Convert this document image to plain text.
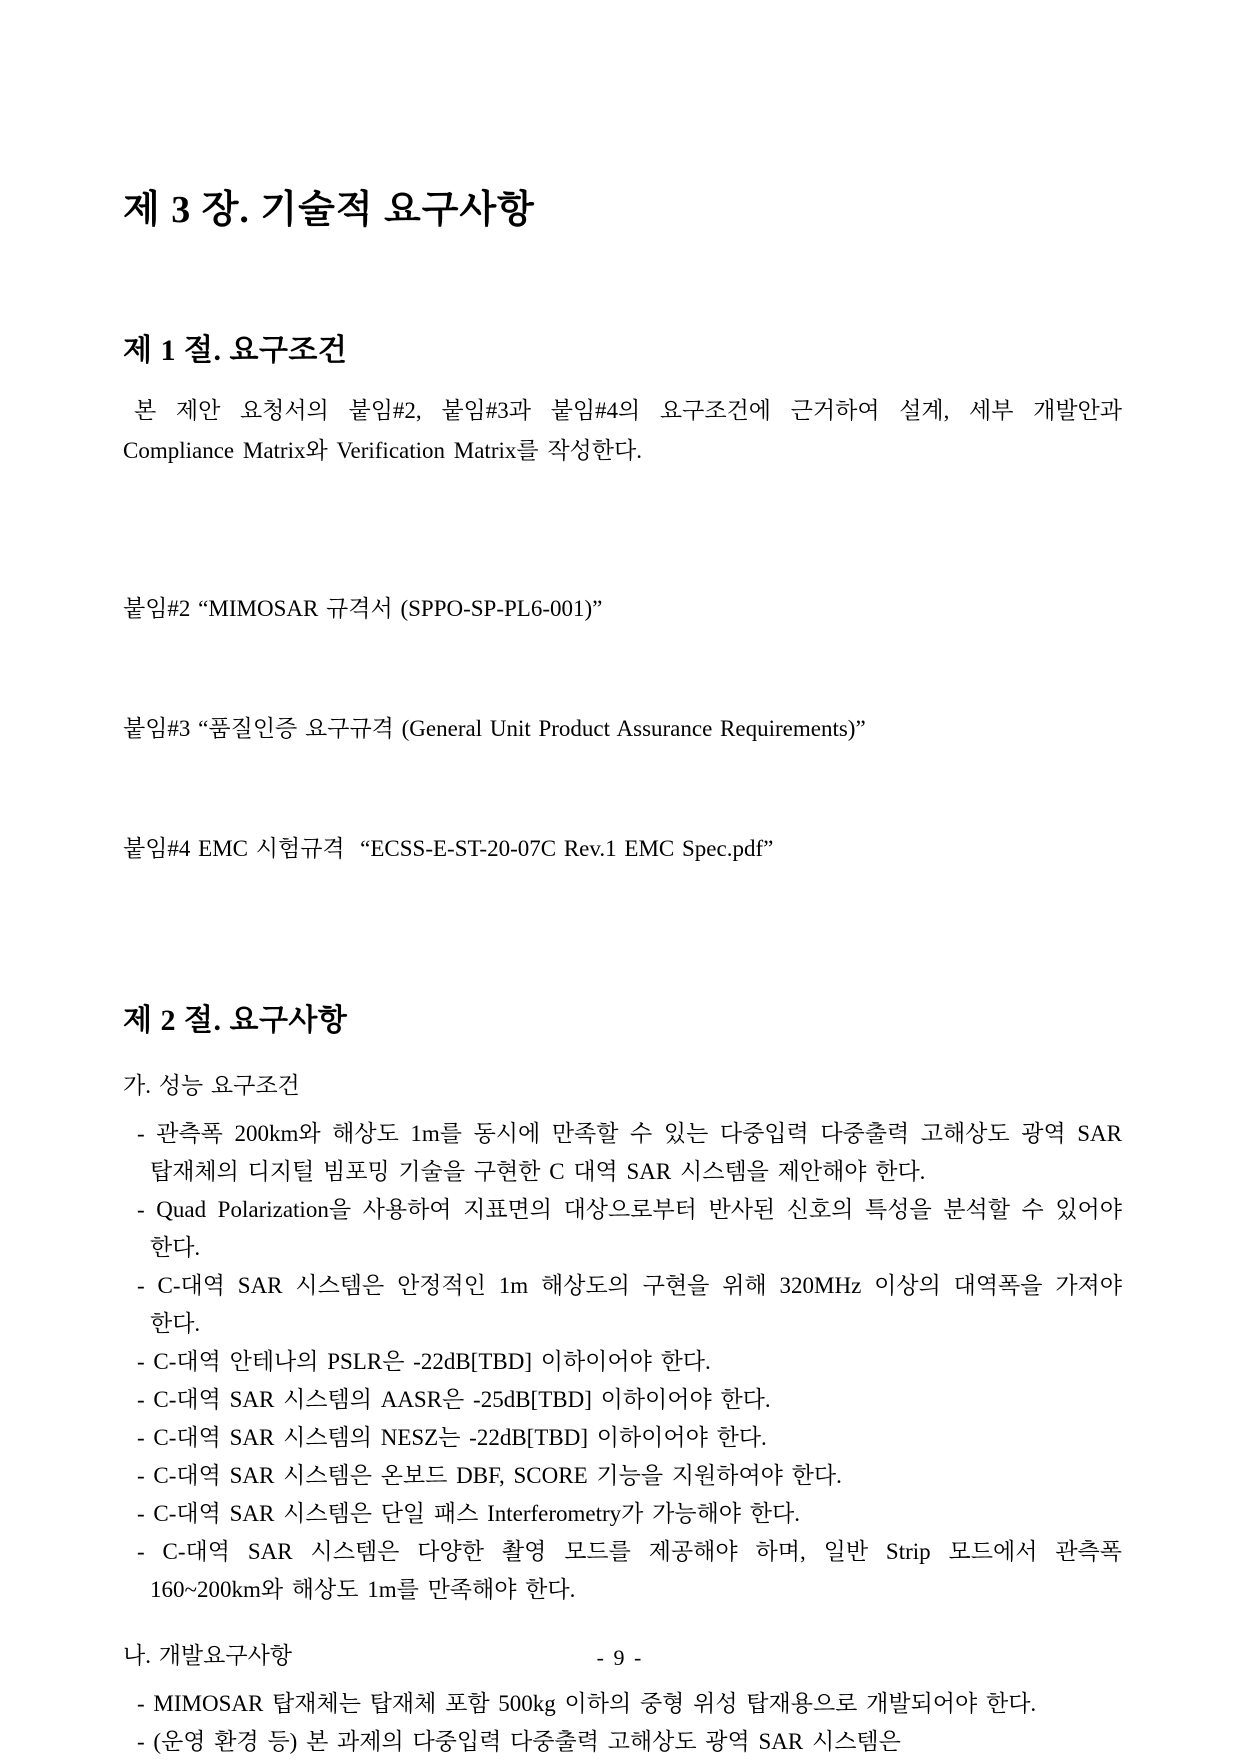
제 3 장. 기술적 요구사항
제 1 절. 요구조건

본 제안 요청서의 붙임#2, 붙임#3과 붙임#4의 요구조건에 근거하여 설계, 세부 개발안과 Compliance Matrix와 Verification Matrix를 작성한다.

붙임#2 “MIMOSAR 규격서 (SPPO-SP-PL6-001)”

붙임#3 “품질인증 요구규격 (General Unit Product Assurance Requirements)”

붙임#4 EMC 시험규격  “ECSS-E-ST-20-07C Rev.1 EMC Spec.pdf”

제 2 절. 요구사항
가. 성능 요구조건
- 관측폭 200km와 해상도 1m를 동시에 만족할 수 있는 다중입력 다중출력 고해상도 광역 SAR 탑재체의 디지털 빔포밍 기술을 구현한 C 대역 SAR 시스템을 제안해야 한다.
- Quad Polarization을 사용하여 지표면의 대상으로부터 반사된 신호의 특성을 분석할 수 있어야 한다.
- C-대역 SAR 시스템은 안정적인 1m 해상도의 구현을 위해 320MHz 이상의 대역폭을 가져야 한다.
- C-대역 안테나의 PSLR은 -22dB[TBD] 이하이어야 한다.
- C-대역 SAR 시스템의 AASR은 -25dB[TBD] 이하이어야 한다.
- C-대역 SAR 시스템의 NESZ는 -22dB[TBD] 이하이어야 한다.
- C-대역 SAR 시스템은 온보드 DBF, SCORE 기능을 지원하여야 한다.
- C-대역 SAR 시스템은 단일 패스 Interferometry가 가능해야 한다.
- C-대역 SAR 시스템은 다양한 촬영 모드를 제공해야 하며, 일반 Strip 모드에서 관측폭 160~200km와 해상도 1m를 만족해야 한다.
나. 개발요구사항
- MIMOSAR 탑재체는 탑재체 포함 500kg 이하의 중형 위성 탑재용으로 개발되어야 한다.
- (운영 환경 등) 본 과제의 다중입력 다중출력 고해상도 광역 SAR 시스템은
- 9 -
